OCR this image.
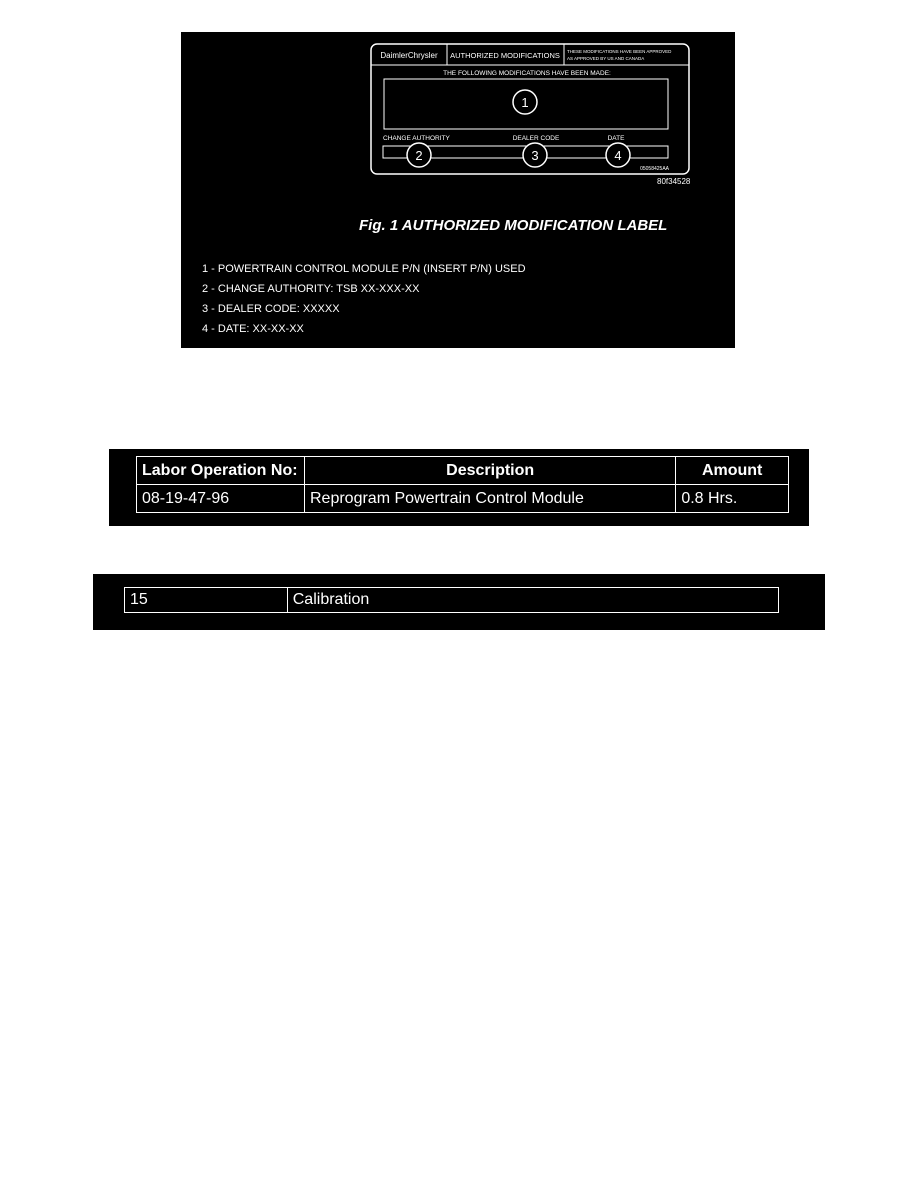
DaimlerChrysler AUTHORIZED MODIFICATIONS THESE MODIFICATIONS HAVE BEEN APPROVED
AS APPROVED BY US AND CANADA
THE FOLLOWING MODIFICATIONS HAVE BEEN MADE:
1
CHANGE AUTHORITY	DEALER CODE	DATE
2	3	4
05058425AA
80f34528
Fig. 1 AUTHORIZED MODIFICATION LABEL
1 - POWERTRAIN CONTROL MODULE P/N (INSERT P/N) USED
2 - CHANGE AUTHORITY: TSB XX-XXX-XX
3 - DEALER CODE: XXXXX
4 - DATE: XX-XX-XX
Labor Operation No:	Description	Amount
08-19-47-96	Reprogram Powertrain Control Module	0.8 Hrs.
15	Calibration
